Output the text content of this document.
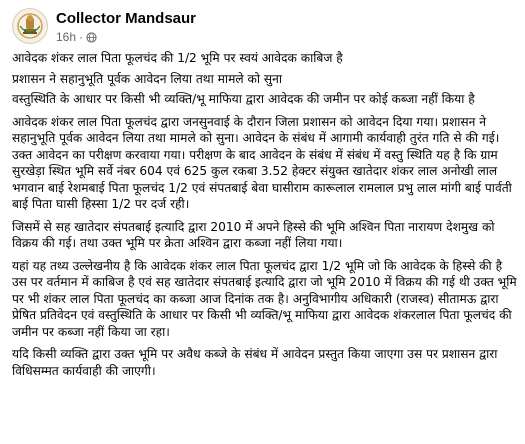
Collector Mandsaur
16h ·

आवेदक शंकर लाल पिता फूलचंद की 1/2 भूमि पर स्वयं आवेदक काबिज है

प्रशासन ने सहानुभूति पूर्वक आवेदन लिया तथा मामले को सुना

वस्तुस्थिति के आधार पर किसी भी व्यक्ति/भू माफिया द्वारा आवेदक की जमीन पर कोई कब्जा नहीं किया है

आवेदक शंकर लाल पिता फूलचंद द्वारा जनसुनवाई के दौरान जिला प्रशासन को आवेदन दिया गया। प्रशासन ने सहानुभूति पूर्वक आवेदन लिया तथा मामले को सुना। आवेदन के संबंध में आगामी कार्यवाही तुरंत गति से की गई।उक्त आवेदन का परीक्षण करवाया गया। परीक्षण के बाद आवेदन के संबंध में संबंध में वस्तु स्थिति यह है कि ग्राम सुरखेड़ा स्थित भूमि सर्वे नंबर 604 एवं 625 कुल रकबा 3.52 हेक्टर संयुक्त खातेदार शंकर लाल अनोखी लाल भगवान बाई रेशमबाई पिता फूलचंद 1/2 एवं संपतबाई बेवा घासीराम कारूलाल रामलाल प्रभु लाल मांगी बाई पार्वती बाई पिता घासी हिस्सा 1/2 पर दर्ज रही।

जिसमें से सह खातेदार संपतबाई इत्यादि द्वारा 2010 में अपने हिस्से की भूमि अश्विन पिता नारायण देशमुख को विक्रय की गई। तथा उक्त भूमि पर क्रेता अश्विन द्वारा कब्जा नहीं लिया गया।

यहां यह तथ्य उल्लेखनीय है कि आवेदक शंकर लाल पिता फूलचंद द्वारा 1/2 भूमि जो कि आवेदक के हिस्से की है उस पर वर्तमान में काबिज है एवं सह खातेदार संपतबाई इत्यादि द्वारा जो भूमि 2010 में विक्रय की गई थी उक्त भूमि पर भी शंकर लाल पिता फूलचंद का कब्जा आज दिनांक तक है। अनुविभागीय अधिकारी (राजस्व) सीतामऊ द्वारा प्रेषित प्रतिवेदन एवं वस्तुस्थिति के आधार पर किसी भी व्यक्ति/भू माफिया द्वारा आवेदक शंकरलाल पिता फूलचंद की जमीन पर कब्जा नहीं किया जा रहा।

यदि किसी व्यक्ति द्वारा उक्त भूमि पर अवैध कब्जे के संबंध में आवेदन प्रस्तुत किया जाएगा उस पर प्रशासन द्वारा विधिसम्मत कार्यवाही की जाएगी।
